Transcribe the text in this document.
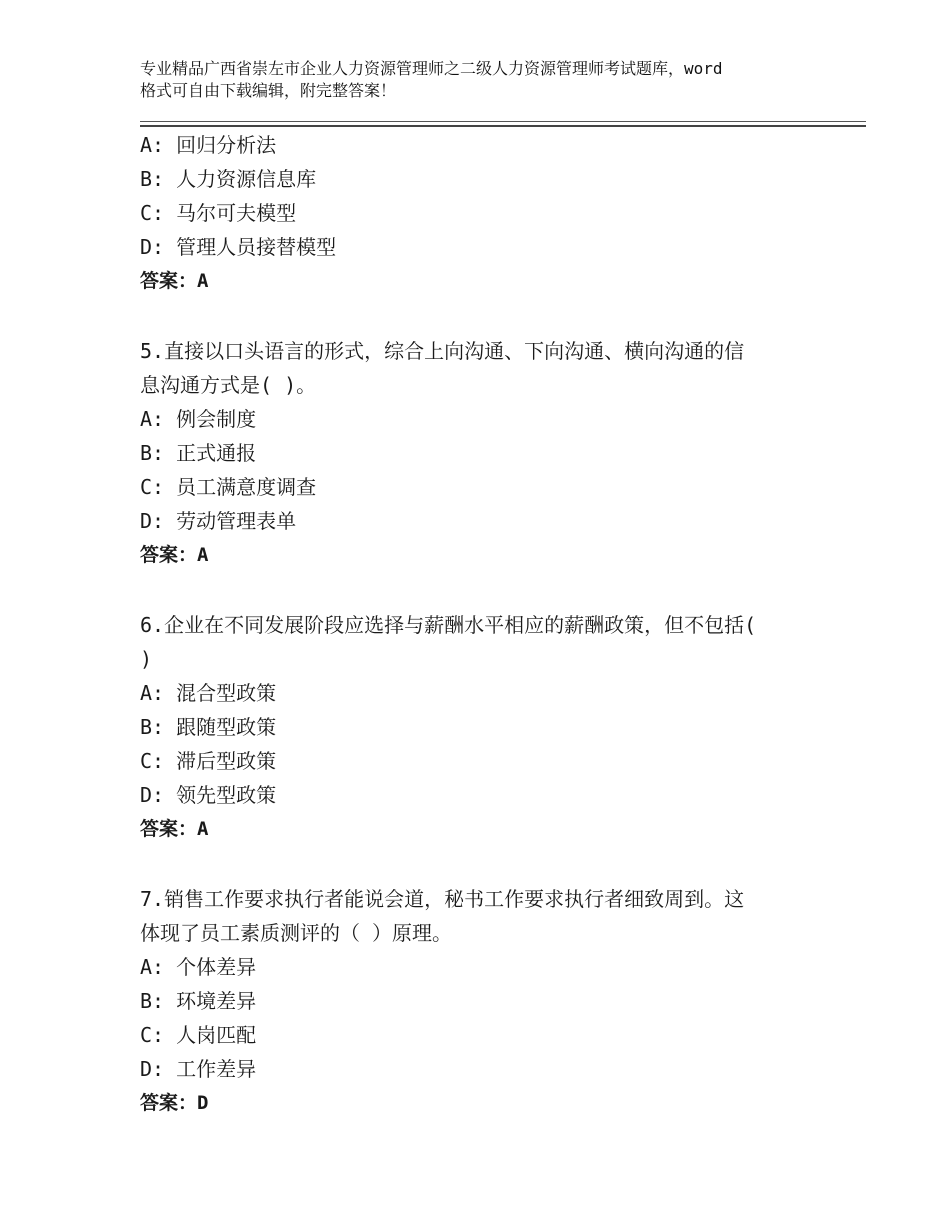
专业精品广西省崇左市企业人力资源管理师之二级人力资源管理师考试题库，word
格式可自由下载编辑，附完整答案！
A: 回归分析法
B: 人力资源信息库
C: 马尔可夫模型
D: 管理人员接替模型
答案：A
5.直接以口头语言的形式，综合上向沟通、下向沟通、横向沟通的信
息沟通方式是( )。
A: 例会制度
B: 正式通报
C: 员工满意度调查
D: 劳动管理表单
答案：A
6.企业在不同发展阶段应选择与薪酬水平相应的薪酬政策，但不包括(
)
A: 混合型政策
B: 跟随型政策
C: 滞后型政策
D: 领先型政策
答案：A
7.销售工作要求执行者能说会道，秘书工作要求执行者细致周到。这
体现了员工素质测评的（ ）原理。
A: 个体差异
B: 环境差异
C: 人岗匹配
D: 工作差异
答案：D
